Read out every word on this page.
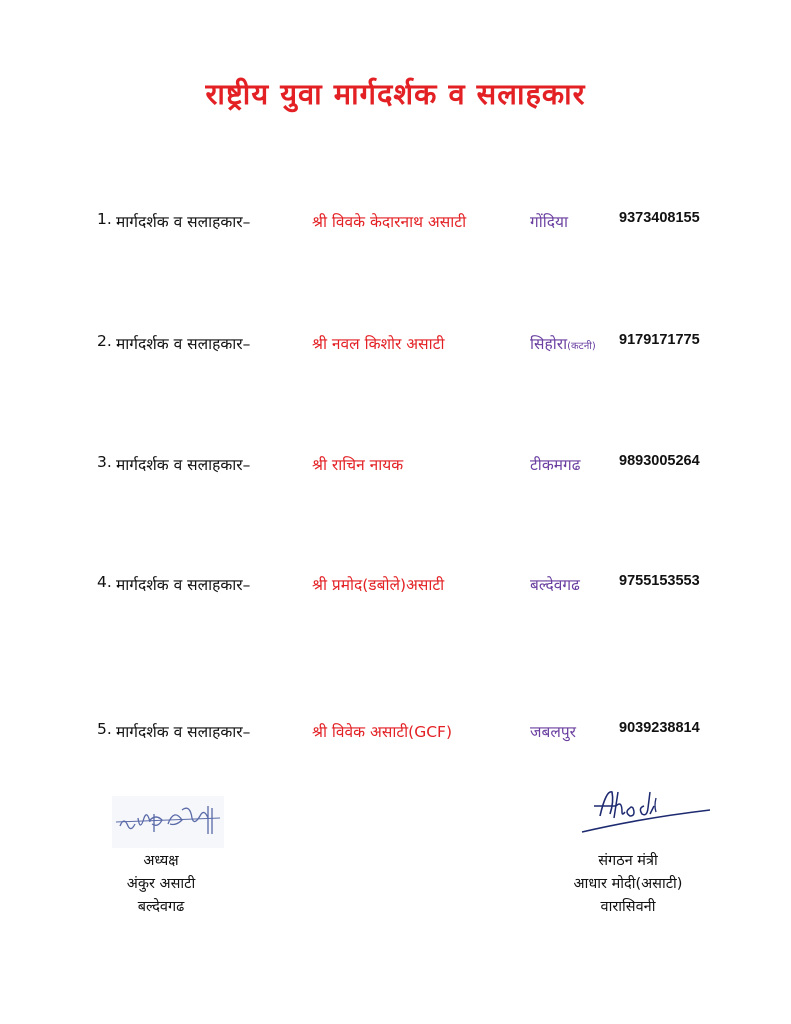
राष्ट्रीय युवा मार्गदर्शक व सलाहकार
1. मार्गदर्शक व सलाहकार–	श्री विवके केदारनाथ असाटी	गोंदिया	9373408155
2. मार्गदर्शक व सलाहकार–	श्री नवल किशोर असाटी	सिहोरा(कटनी) 9179171775
3. मार्गदर्शक व सलाहकार–	श्री राचिन नायक	टीकमगढ	9893005264
4. मार्गदर्शक व सलाहकार–	श्री प्रमोद(डबोले)असाटी	बल्देवगढ	9755153553
5. मार्गदर्शक व सलाहकार–	श्री विवेक असाटी(GCF)	जबलपुर	9039238814
अध्यक्ष
अंकुर असाटी
बल्देवगढ
संगठन मंत्री
आधार मोदी(असाटी)
वारासिवनी
